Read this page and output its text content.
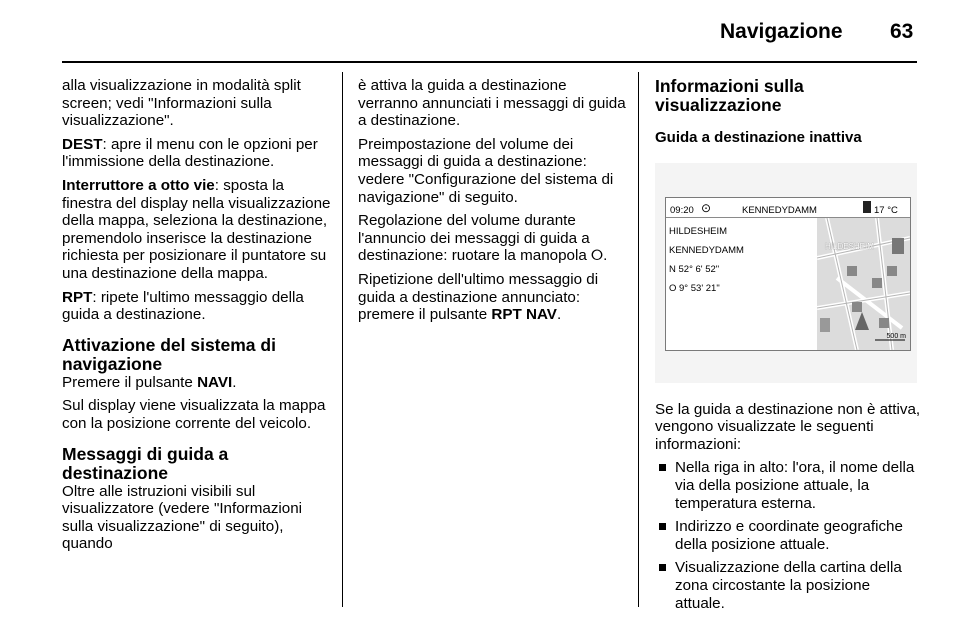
Navigazione 63

alla visualizzazione in modalità split screen; vedi "Informazioni sulla visualizzazione".

DEST: apre il menu con le opzioni per l'immissione della destinazione.

Interruttore a otto vie: sposta la finestra del display nella visualizzazione della mappa, seleziona la destinazione, premendolo inserisce la destinazione richiesta per posizionare il puntatore su una destinazione della mappa.

RPT: ripete l'ultimo messaggio della guida a destinazione.

Attivazione del sistema di navigazione

Premere il pulsante NAVI.

Sul display viene visualizzata la mappa con la posizione corrente del veicolo.

Messaggi di guida a destinazione

Oltre alle istruzioni visibili sul visualizzatore (vedere "Informazioni sulla visualizzazione" di seguito), quando

è attiva la guida a destinazione verranno annunciati i messaggi di guida a destinazione.

Preimpostazione del volume dei messaggi di guida a destinazione: vedere "Configurazione del sistema di navigazione" di seguito.

Regolazione del volume durante l'annuncio dei messaggi di guida a destinazione: ruotare la manopola ⭘.

Ripetizione dell'ultimo messaggio di guida a destinazione annunciato: premere il pulsante RPT NAV.

Informazioni sulla visualizzazione
Guida a destinazione inattiva
09:20 ⊙	KENNEDYDAMM	17 °C
HILDESHEIM
KENNEDYDAMM
N 52° 6' 52"
O 9° 53' 21"
HILDESHEIM
500 m

Se la guida a destinazione non è attiva, vengono visualizzate le seguenti informazioni:

Nella riga in alto: l'ora, il nome della via della posizione attuale, la temperatura esterna.
Indirizzo e coordinate geografiche della posizione attuale.
Visualizzazione della cartina della zona circostante la posizione attuale.
